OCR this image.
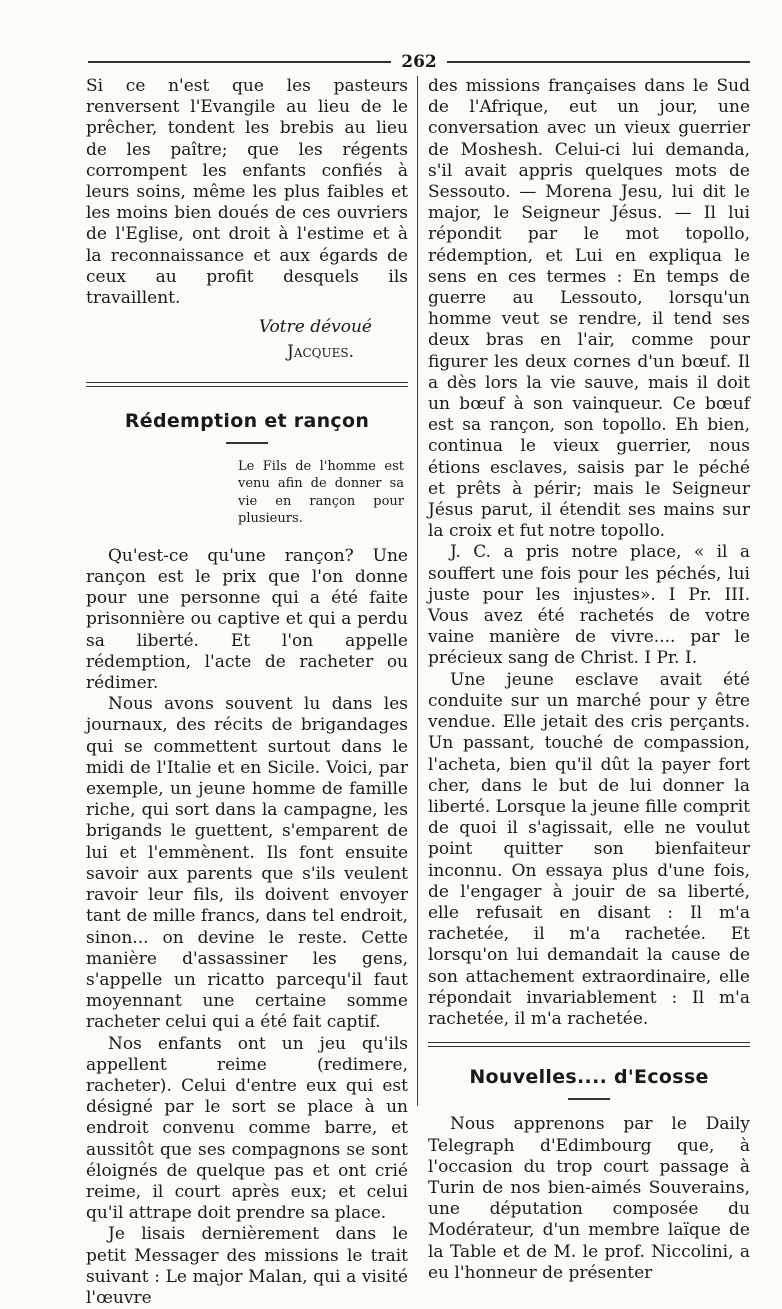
262

Si ce n'est que les pasteurs renversent l'Evangile au lieu de le prêcher, tondent les brebis au lieu de les paître; que les régents corrompent les enfants confiés à leurs soins, même les plus faibles et les moins bien doués de ces ouvriers de l'Eglise, ont droit à l'estime et à la reconnaissance et aux égards de ceux au profit desquels ils travaillent.

Votre dévoué
Jacques.
Rédemption et rançon
Le Fils de l'homme est venu afin de donner sa vie en rançon pour plusieurs.

Qu'est-ce qu'une rançon? Une rançon est le prix que l'on donne pour une personne qui a été faite prisonnière ou captive et qui a perdu sa liberté. Et l'on appelle rédemption, l'acte de racheter ou rédimer.

Nous avons souvent lu dans les journaux, des récits de brigandages qui se commettent surtout dans le midi de l'Italie et en Sicile. Voici, par exemple, un jeune homme de famille riche, qui sort dans la campagne, les brigands le guettent, s'emparent de lui et l'emmènent. Ils font ensuite savoir aux parents que s'ils veulent ravoir leur fils, ils doivent envoyer tant de mille francs, dans tel endroit, sinon... on devine le reste. Cette manière d'assassiner les gens, s'appelle un ricatto parcequ'il faut moyennant une certaine somme racheter celui qui a été fait captif.

Nos enfants ont un jeu qu'ils appellent reime (redimere, racheter). Celui d'entre eux qui est désigné par le sort se place à un endroit convenu comme barre, et aussitôt que ses compagnons se sont éloignés de quelque pas et ont crié reime, il court après eux; et celui qu'il attrape doit prendre sa place.

Je lisais dernièrement dans le petit Messager des missions le trait suivant : Le major Malan, qui a visité l'œuvre

des missions françaises dans le Sud de l'Afrique, eut un jour, une conversation avec un vieux guerrier de Moshesh. Celui-ci lui demanda, s'il avait appris quelques mots de Sessouto. — Morena Jesu, lui dit le major, le Seigneur Jésus. — Il lui répondit par le mot topollo, rédemption, et Lui en expliqua le sens en ces termes : En temps de guerre au Lessouto, lorsqu'un homme veut se rendre, il tend ses deux bras en l'air, comme pour figurer les deux cornes d'un bœuf. Il a dès lors la vie sauve, mais il doit un bœuf à son vainqueur. Ce bœuf est sa rançon, son topollo. Eh bien, continua le vieux guerrier, nous étions esclaves, saisis par le péché et prêts à périr; mais le Seigneur Jésus parut, il étendit ses mains sur la croix et fut notre topollo.

J. C. a pris notre place, « il a souffert une fois pour les péchés, lui juste pour les injustes». I Pr. III. Vous avez été rachetés de votre vaine manière de vivre.... par le précieux sang de Christ. I Pr. I.

Une jeune esclave avait été conduite sur un marché pour y être vendue. Elle jetait des cris perçants. Un passant, touché de compassion, l'acheta, bien qu'il dût la payer fort cher, dans le but de lui donner la liberté. Lorsque la jeune fille comprit de quoi il s'agissait, elle ne voulut point quitter son bienfaiteur inconnu. On essaya plus d'une fois, de l'engager à jouir de sa liberté, elle refusait en disant : Il m'a rachetée, il m'a rachetée. Et lorsqu'on lui demandait la cause de son attachement extraordinaire, elle répondait invariablement : Il m'a rachetée, il m'a rachetée.

Nouvelles.... d'Ecosse

Nous apprenons par le Daily Telegraph d'Edimbourg que, à l'occasion du trop court passage à Turin de nos bien-aimés Souverains, une députation composée du Modérateur, d'un membre laïque de la Table et de M. le prof. Niccolini, a eu l'honneur de présenter
